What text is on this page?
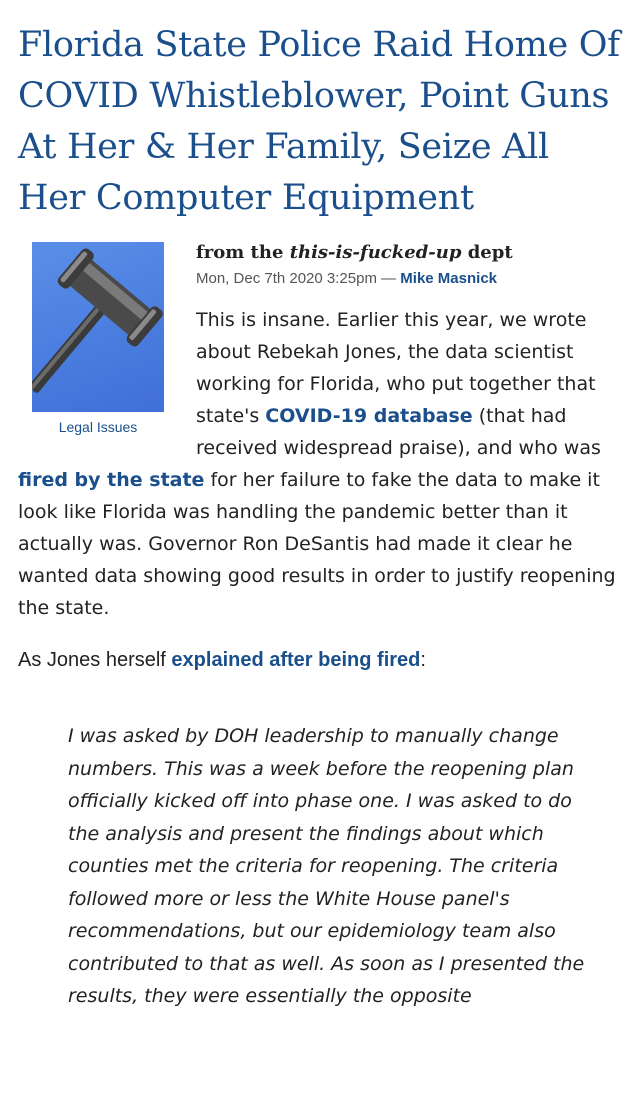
Florida State Police Raid Home Of COVID Whistleblower, Point Guns At Her & Her Family, Seize All Her Computer Equipment
Legal Issues

from the this-is-fucked-up dept

Mon, Dec 7th 2020 3:25pm — Mike Masnick

This is insane. Earlier this year, we wrote about Rebekah Jones, the data scientist working for Florida, who put together that state's COVID-19 database (that had received widespread praise), and who was fired by the state for her failure to fake the data to make it look like Florida was handling the pandemic better than it actually was. Governor Ron DeSantis had made it clear he wanted data showing good results in order to justify reopening the state.

As Jones herself explained after being fired:

I was asked by DOH leadership to manually change numbers. This was a week before the reopening plan officially kicked off into phase one. I was asked to do the analysis and present the findings about which counties met the criteria for reopening. The criteria followed more or less the White House panel's recommendations, but our epidemiology team also contributed to that as well. As soon as I presented the results, they were essentially the opposite
